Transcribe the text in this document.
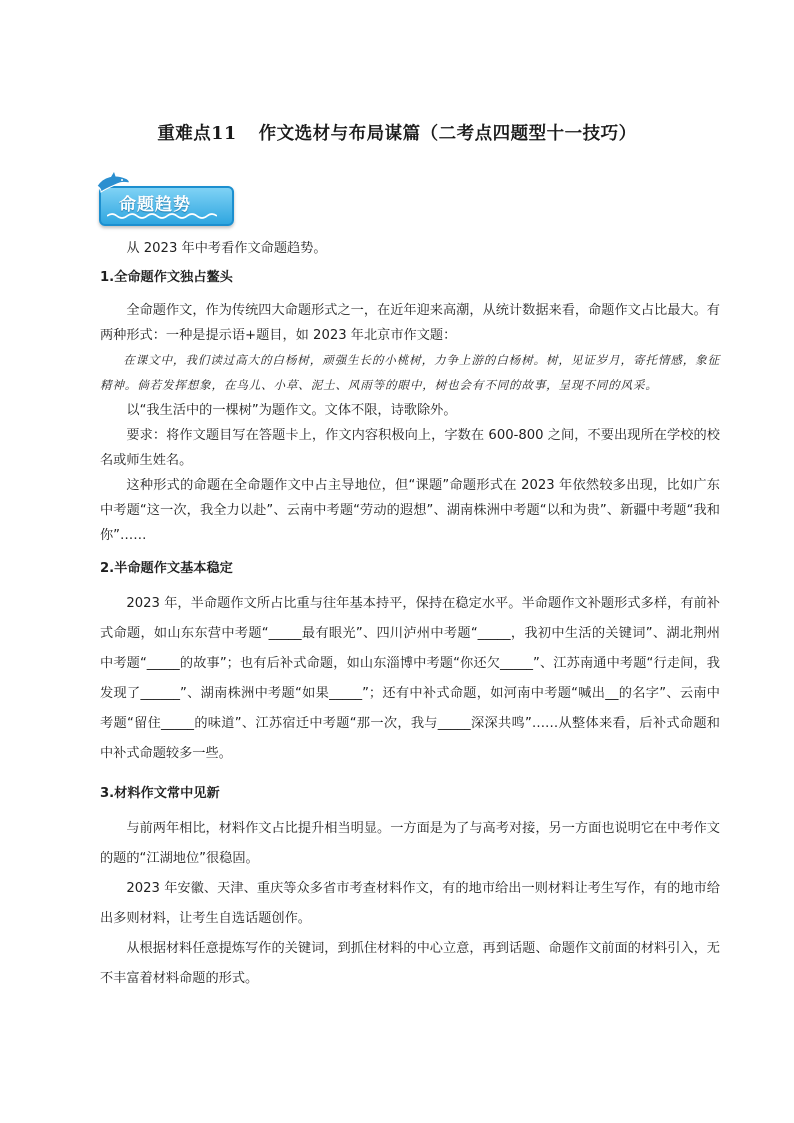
重难点11 作文选材与布局谋篇（二考点四题型十一技巧）
命题趋势

从 2023 年中考看作文命题趋势。

1.全命题作文独占鳌头

全命题作文，作为传统四大命题形式之一，在近年迎来高潮，从统计数据来看，命题作文占比最大。有两种形式：一种是提示语+题目，如 2023 年北京市作文题：

在课文中，我们读过高大的白杨树，顽强生长的小桃树，力争上游的白杨树。树，见证岁月，寄托情感，象征精神。倘若发挥想象，在鸟儿、小草、泥土、风雨等的眼中，树也会有不同的故事，呈现不同的风采。

以“我生活中的一棵树”为题作文。文体不限，诗歌除外。

要求：将作文题目写在答题卡上，作文内容积极向上，字数在 600-800 之间，不要出现所在学校的校名或师生姓名。

这种形式的命题在全命题作文中占主导地位，但“课题”命题形式在 2023 年依然较多出现，比如广东中考题“这一次，我全力以赴”、云南中考题“劳动的遐想”、湖南株洲中考题“以和为贵”、新疆中考题“我和你”……

2.半命题作文基本稳定

2023 年，半命题作文所占比重与往年基本持平，保持在稳定水平。半命题作文补题形式多样，有前补式命题，如山东东营中考题“_____最有眼光”、四川泸州中考题“_____，我初中生活的关键词”、湖北荆州中考题“_____的故事”；也有后补式命题，如山东淄博中考题“你还欠_____”、江苏南通中考题“行走间，我发现了______”、湖南株洲中考题“如果_____”；还有中补式命题，如河南中考题“喊出__的名字”、云南中考题“留住_____的味道”、江苏宿迁中考题“那一次，我与_____深深共鸣”……从整体来看，后补式命题和中补式命题较多一些。

3.材料作文常中见新

与前两年相比，材料作文占比提升相当明显。一方面是为了与高考对接，另一方面也说明它在中考作文的题的“江湖地位”很稳固。

2023 年安徽、天津、重庆等众多省市考查材料作文，有的地市给出一则材料让考生写作，有的地市给出多则材料，让考生自选话题创作。

从根据材料任意提炼写作的关键词，到抓住材料的中心立意，再到话题、命题作文前面的材料引入，无不丰富着材料命题的形式。
